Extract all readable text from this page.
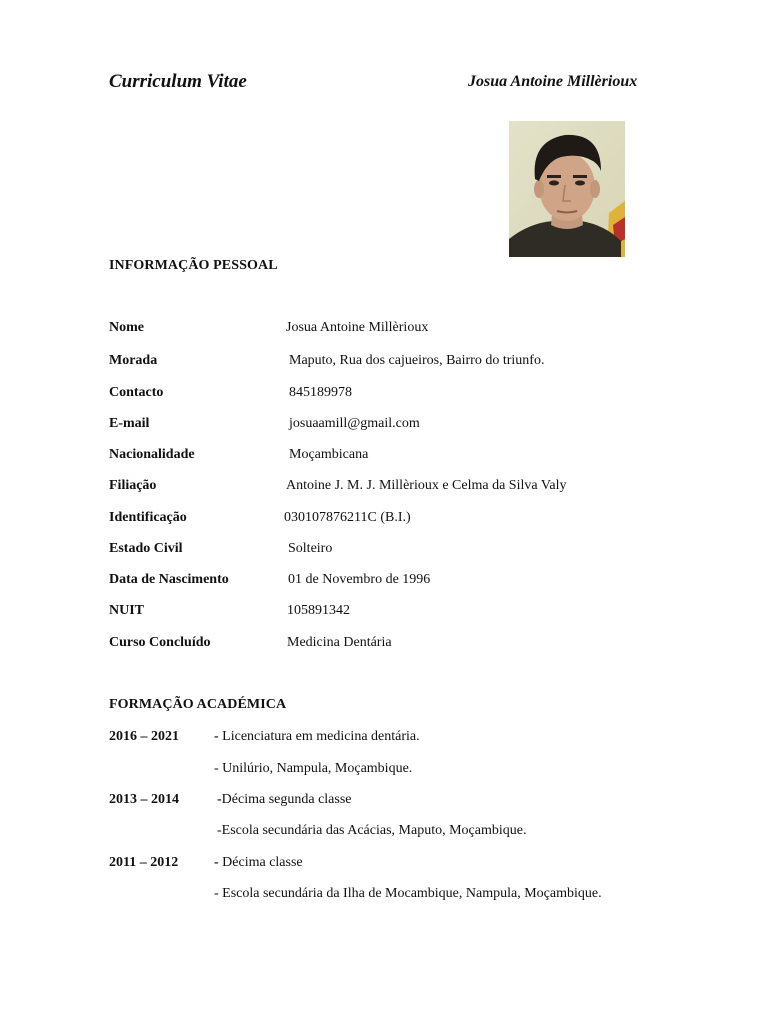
Curriculum Vitae	Josua Antoine Millèrioux
INFORMAÇÃO PESSOAL
Nome	Josua Antoine Millèrioux
Morada	Maputo, Rua dos cajueiros, Bairro do triunfo.
Contacto	845189978
E-mail	josuaamill@gmail.com
Nacionalidade	Moçambicana
Filiação	Antoine J. M. J. Millèrioux e Celma da Silva Valy
Identificação	030107876211C (B.I.)
Estado Civil	Solteiro
Data de Nascimento	01 de Novembro de 1996
NUIT	105891342
Curso Concluído	Medicina Dentária
FORMAÇÃO ACADÉMICA
2016 – 2021	- Licenciatura em medicina dentária.
- Unilúrio, Nampula, Moçambique.
2013 – 2014	-Décima segunda classe
-Escola secundária das Acácias, Maputo, Moçambique.
2011 – 2012	- Décima classe
- Escola secundária da Ilha de Mocambique, Nampula, Moçambique.
